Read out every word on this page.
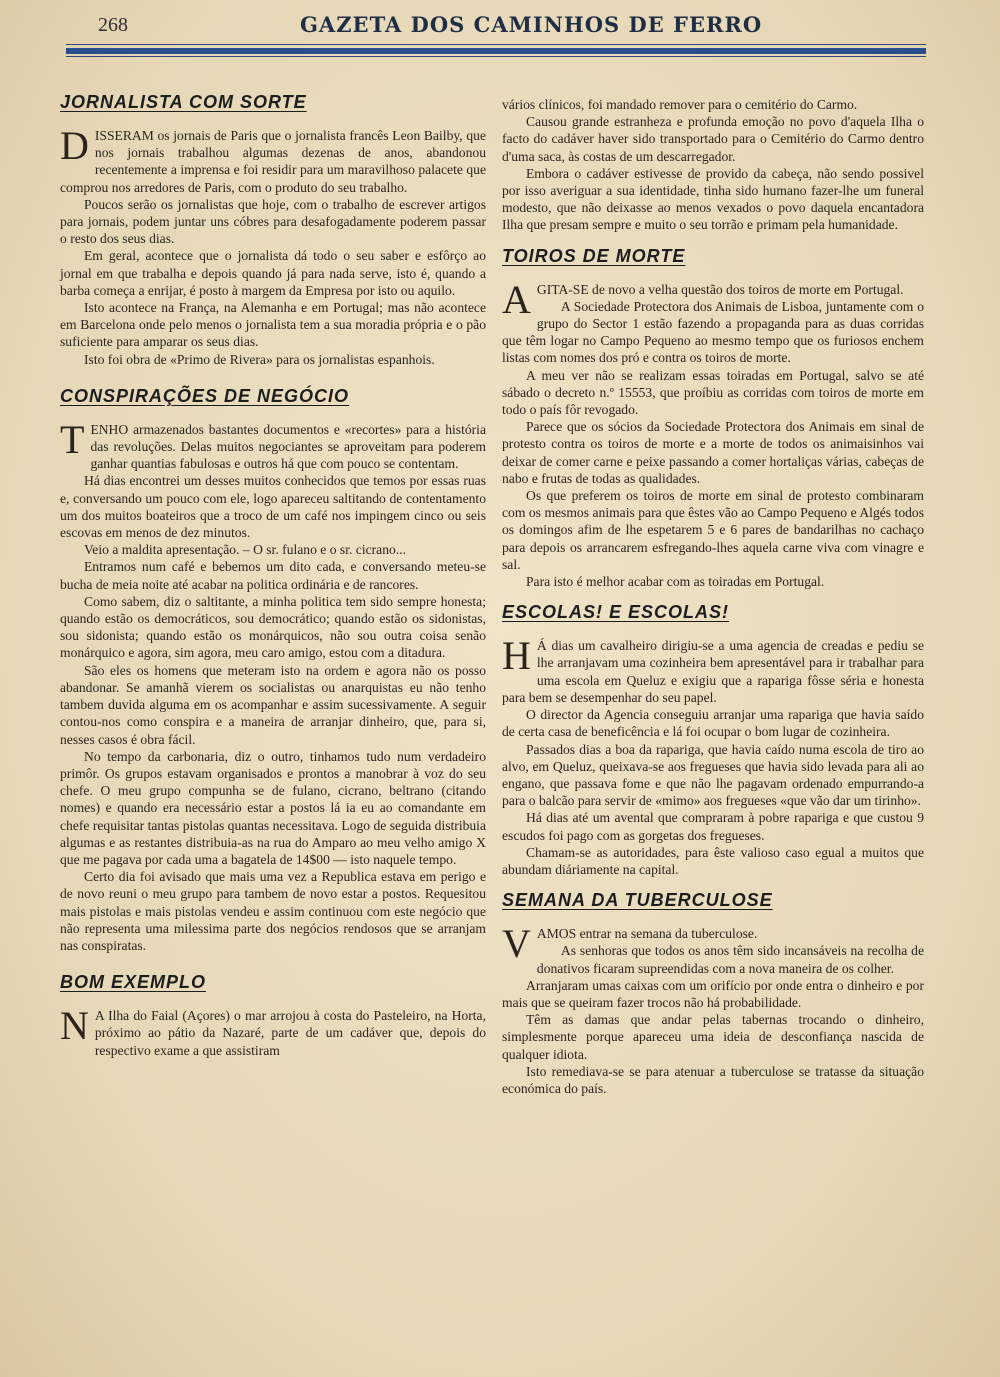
GAZETA DOS CAMINHOS DE FERRO
268
JORNALISTA COM SORTE

DISSERAM os jornais de Paris que o jornalista francês Leon Bailby, que nos jornais trabalhou algumas dezenas de anos, abandonou recentemente a imprensa e foi residir para um maravilhoso palacete que comprou nos arredores de Paris, com o produto do seu trabalho.

Poucos serão os jornalistas que hoje, com o trabalho de escrever artigos para jornais, podem juntar uns cóbres para desafogadamente poderem passar o resto dos seus dias.

Em geral, acontece que o jornalista dá todo o seu saber e esfôrço ao jornal em que trabalha e depois quando já para nada serve, isto é, quando a barba começa a enrijar, é posto à margem da Empresa por isto ou aquilo.

Isto acontece na França, na Alemanha e em Portugal; mas não acontece em Barcelona onde pelo menos o jornalista tem a sua moradia própria e o pão suficiente para amparar os seus dias.

Isto foi obra de «Primo de Rivera» para os jornalistas espanhois.

CONSPIRAÇÕES DE NEGÓCIO

TENHO armazenados bastantes documentos e «recortes» para a história das revoluções. Delas muitos negociantes se aproveitam para poderem ganhar quantias fabulosas e outros há que com pouco se contentam.

Há dias encontrei um desses muitos conhecidos que temos por essas ruas e, conversando um pouco com ele, logo apareceu saltitando de contentamento um dos muitos boateiros que a troco de um café nos impingem cinco ou seis escovas em menos de dez minutos.

Veio a maldita apresentação. – O sr. fulano e o sr. cicrano...

Entramos num café e bebemos um dito cada, e conversando meteu-se bucha de meia noite até acabar na politica ordinária e de rancores.

Como sabem, diz o saltitante, a minha politica tem sido sempre honesta; quando estão os democráticos, sou democrático; quando estão os sidonistas, sou sidonista; quando estão os monárquicos, não sou outra coisa senão monárquico e agora, sim agora, meu caro amigo, estou com a ditadura.

São eles os homens que meteram isto na ordem e agora não os posso abandonar. Se amanhã vierem os socialistas ou anarquistas eu não tenho tambem duvida alguma em os acompanhar e assim sucessivamente. A seguir contou-nos como conspira e a maneira de arranjar dinheiro, que, para si, nesses casos é obra fácil.

No tempo da carbonaria, diz o outro, tinhamos tudo num verdadeiro primôr. Os grupos estavam organisados e prontos a manobrar à voz do seu chefe. O meu grupo compunha se de fulano, cicrano, beltrano (citando nomes) e quando era necessário estar a postos lá ia eu ao comandante em chefe requisitar tantas pistolas quantas necessitava. Logo de seguida distribuia algumas e as restantes distribuia-as na rua do Amparo ao meu velho amigo X que me pagava por cada uma a bagatela de 14$00 — isto naquele tempo.

Certo dia foi avisado que mais uma vez a Republica estava em perigo e de novo reuni o meu grupo para tambem de novo estar a postos. Requesitou mais pistolas e mais pistolas vendeu e assim continuou com este negócio que não representa uma milessima parte dos negócios rendosos que se arranjam nas conspiratas.

BOM EXEMPLO

N A Ilha do Faial (Açores) o mar arrojou à costa do Pasteleiro, na Horta, próximo ao pátio da Nazaré, parte de um cadáver que, depois do respectivo exame a que assistiram

vários clínicos, foi mandado remover para o cemitério do Carmo.

Causou grande estranheza e profunda emoção no povo d'aquela Ilha o facto do cadáver haver sido transportado para o Cemitério do Carmo dentro d'uma saca, às costas de um descarregador.

Embora o cadáver estivesse de provido da cabeça, não sendo possivel por isso averiguar a sua identidade, tinha sido humano fazer-lhe um funeral modesto, que não deixasse ao menos vexados o povo daquela encantadora Ilha que presam sempre e muito o seu torrão e primam pela humanidade.

TOIROS DE MORTE

AGITA-SE de novo a velha questão dos toiros de morte em Portugal.

A Sociedade Protectora dos Animais de Lisboa, juntamente com o grupo do Sector 1 estão fazendo a propaganda para as duas corridas que têm logar no Campo Pequeno ao mesmo tempo que os furiosos enchem listas com nomes dos pró e contra os toiros de morte.

A meu ver não se realizam essas toiradas em Portugal, salvo se até sábado o decreto n.º 15553, que proíbiu as corridas com toiros de morte em todo o país fôr revogado.

Parece que os sócios da Sociedade Protectora dos Animais em sinal de protesto contra os toiros de morte e a morte de todos os animaisinhos vai deixar de comer carne e peixe passando a comer hortaliças várias, cabeças de nabo e frutas de todas as qualidades.

Os que preferem os toiros de morte em sinal de protesto combinaram com os mesmos animais para que êstes vão ao Campo Pequeno e Algés todos os domingos afim de lhe espetarem 5 e 6 pares de bandarilhas no cachaço para depois os arrancarem esfregando-lhes aquela carne viva com vinagre e sal.

Para isto é melhor acabar com as toiradas em Portugal.

ESCOLAS! E ESCOLAS!

H Á dias um cavalheiro dirigiu-se a uma agencia de creadas e pediu se lhe arranjavam uma cozinheira bem apresentável para ir trabalhar para uma escola em Queluz e exigiu que a rapariga fôsse séria e honesta para bem se desempenhar do seu papel.

O director da Agencia conseguiu arranjar uma rapariga que havia saído de certa casa de beneficência e lá foi ocupar o bom lugar de cozinheira.

Passados dias a boa da rapariga, que havia caído numa escola de tiro ao alvo, em Queluz, queixava-se aos fregueses que havia sido levada para ali ao engano, que passava fome e que não lhe pagavam ordenado empurrando-a para o balcão para servir de «mimo» aos fregueses «que vão dar um tirinho».

Há dias até um avental que compraram à pobre rapariga e que custou 9 escudos foi pago com as gorgetas dos fregueses.

Chamam-se as autoridades, para êste valioso caso egual a muitos que abundam diáriamente na capital.

SEMANA DA TUBERCULOSE

VAMOS entrar na semana da tuberculose.

As senhoras que todos os anos têm sido incansáveis na recolha de donativos ficaram supreendidas com a nova maneira de os colher.

Arranjaram umas caixas com um orifício por onde entra o dinheiro e por mais que se queiram fazer trocos não há probabilidade.

Têm as damas que andar pelas tabernas trocando o dinheiro, simplesmente porque apareceu uma ideia de desconfiança nascida de qualquer idiota.

Isto remediava-se se para atenuar a tuberculose se tratasse da situação económica do país.
